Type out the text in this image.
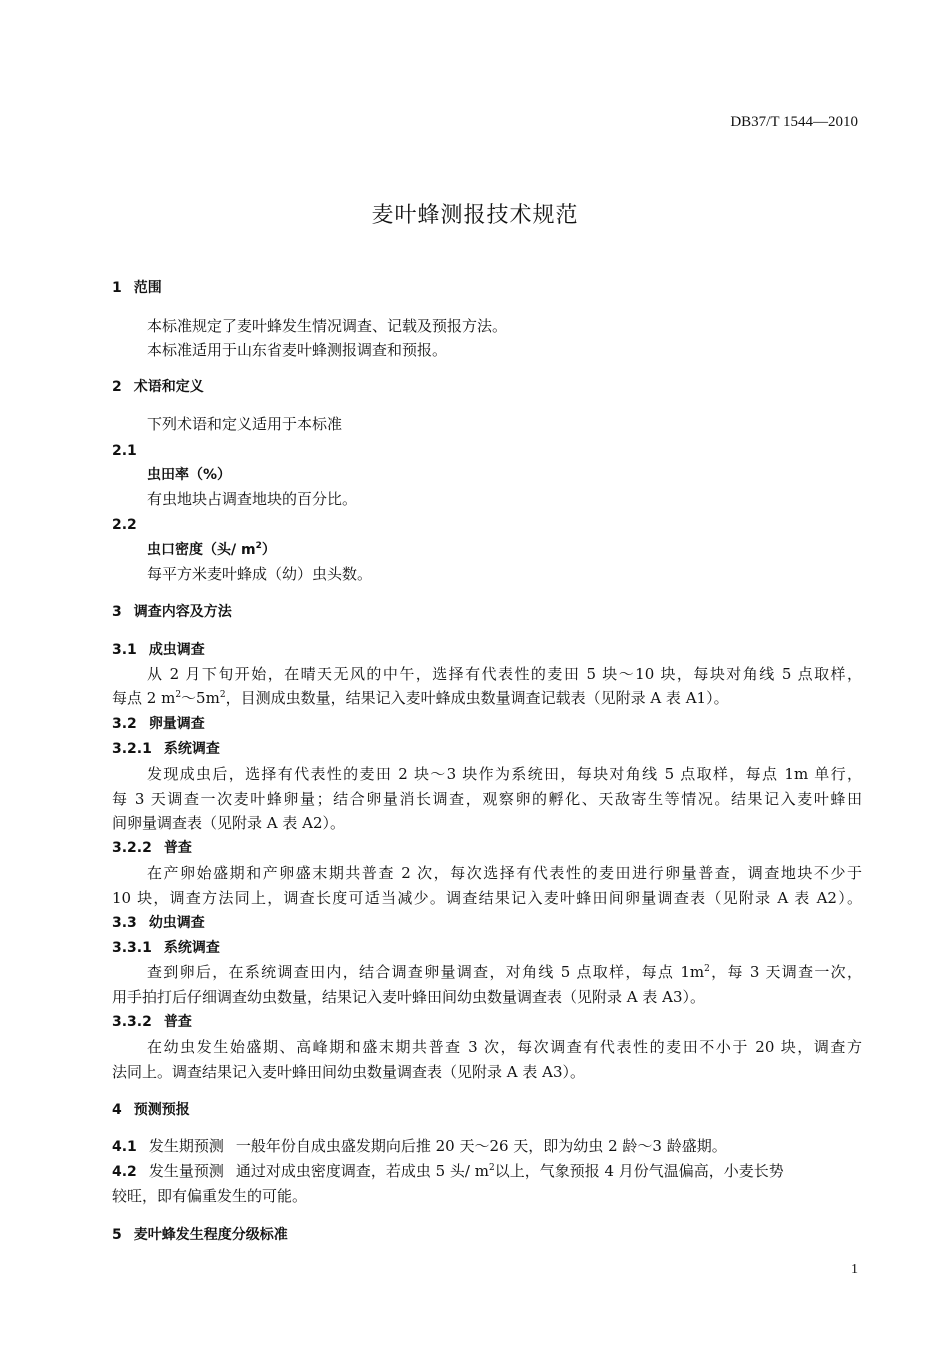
DB37/T 1544—2010
麦叶蜂测报技术规范
1 范围
本标准规定了麦叶蜂发生情况调查、记载及预报方法。
本标准适用于山东省麦叶蜂测报调查和预报。
2 术语和定义
下列术语和定义适用于本标准
2.1
虫田率（%）
有虫地块占调查地块的百分比。
2.2
虫口密度（头/ $m^2$）
每平方米麦叶蜂成（幼）虫头数。
3 调查内容及方法
3.1 成虫调查
从 2 月下旬开始，在晴天无风的中午，选择有代表性的麦田 5 块～10 块，每块对角线 5 点取样，
每点 2 $m^2\sim 5m^2$，目测成虫数量，结果记入麦叶蜂成虫数量调查记载表（见附录 A 表 A1）。
3.2 卵量调查
3.2.1 系统调查
发现成虫后，选择有代表性的麦田 2 块～3 块作为系统田，每块对角线 5 点取样，每点 1m 单行，
每 3 天调查一次麦叶蜂卵量；结合卵量消长调查，观察卵的孵化、天敌寄生等情况。结果记入麦叶蜂田
间卵量调查表（见附录 A 表 A2）。
3.2.2 普查
在产卵始盛期和产卵盛末期共普查 2 次，每次选择有代表性的麦田进行卵量普查，调查地块不少于
10 块，调查方法同上，调查长度可适当减少。调查结果记入麦叶蜂田间卵量调查表（见附录 A 表 A2）。
3.3 幼虫调查
3.3.1 系统调查
查到卵后，在系统调查田内，结合调查卵量调查，对角线 5 点取样，每点 $1m^2$，每 3 天调查一次，
用手拍打后仔细调查幼虫数量，结果记入麦叶蜂田间幼虫数量调查表（见附录 A 表 A3）。
3.3.2 普查
在幼虫发生始盛期、高峰期和盛末期共普查 3 次，每次调查有代表性的麦田不小于 20 块，调查方
法同上。调查结果记入麦叶蜂田间幼虫数量调查表（见附录 A 表 A3）。
4 预测预报
4.1 发生期预测 一般年份自成虫盛发期向后推 20 天～26 天，即为幼虫 2 龄～3 龄盛期。
4.2 发生量预测 通过对成虫密度调查，若成虫 5 头/ $m^2$以上，气象预报 4 月份气温偏高，小麦长势
较旺，即有偏重发生的可能。
5 麦叶蜂发生程度分级标准
1
